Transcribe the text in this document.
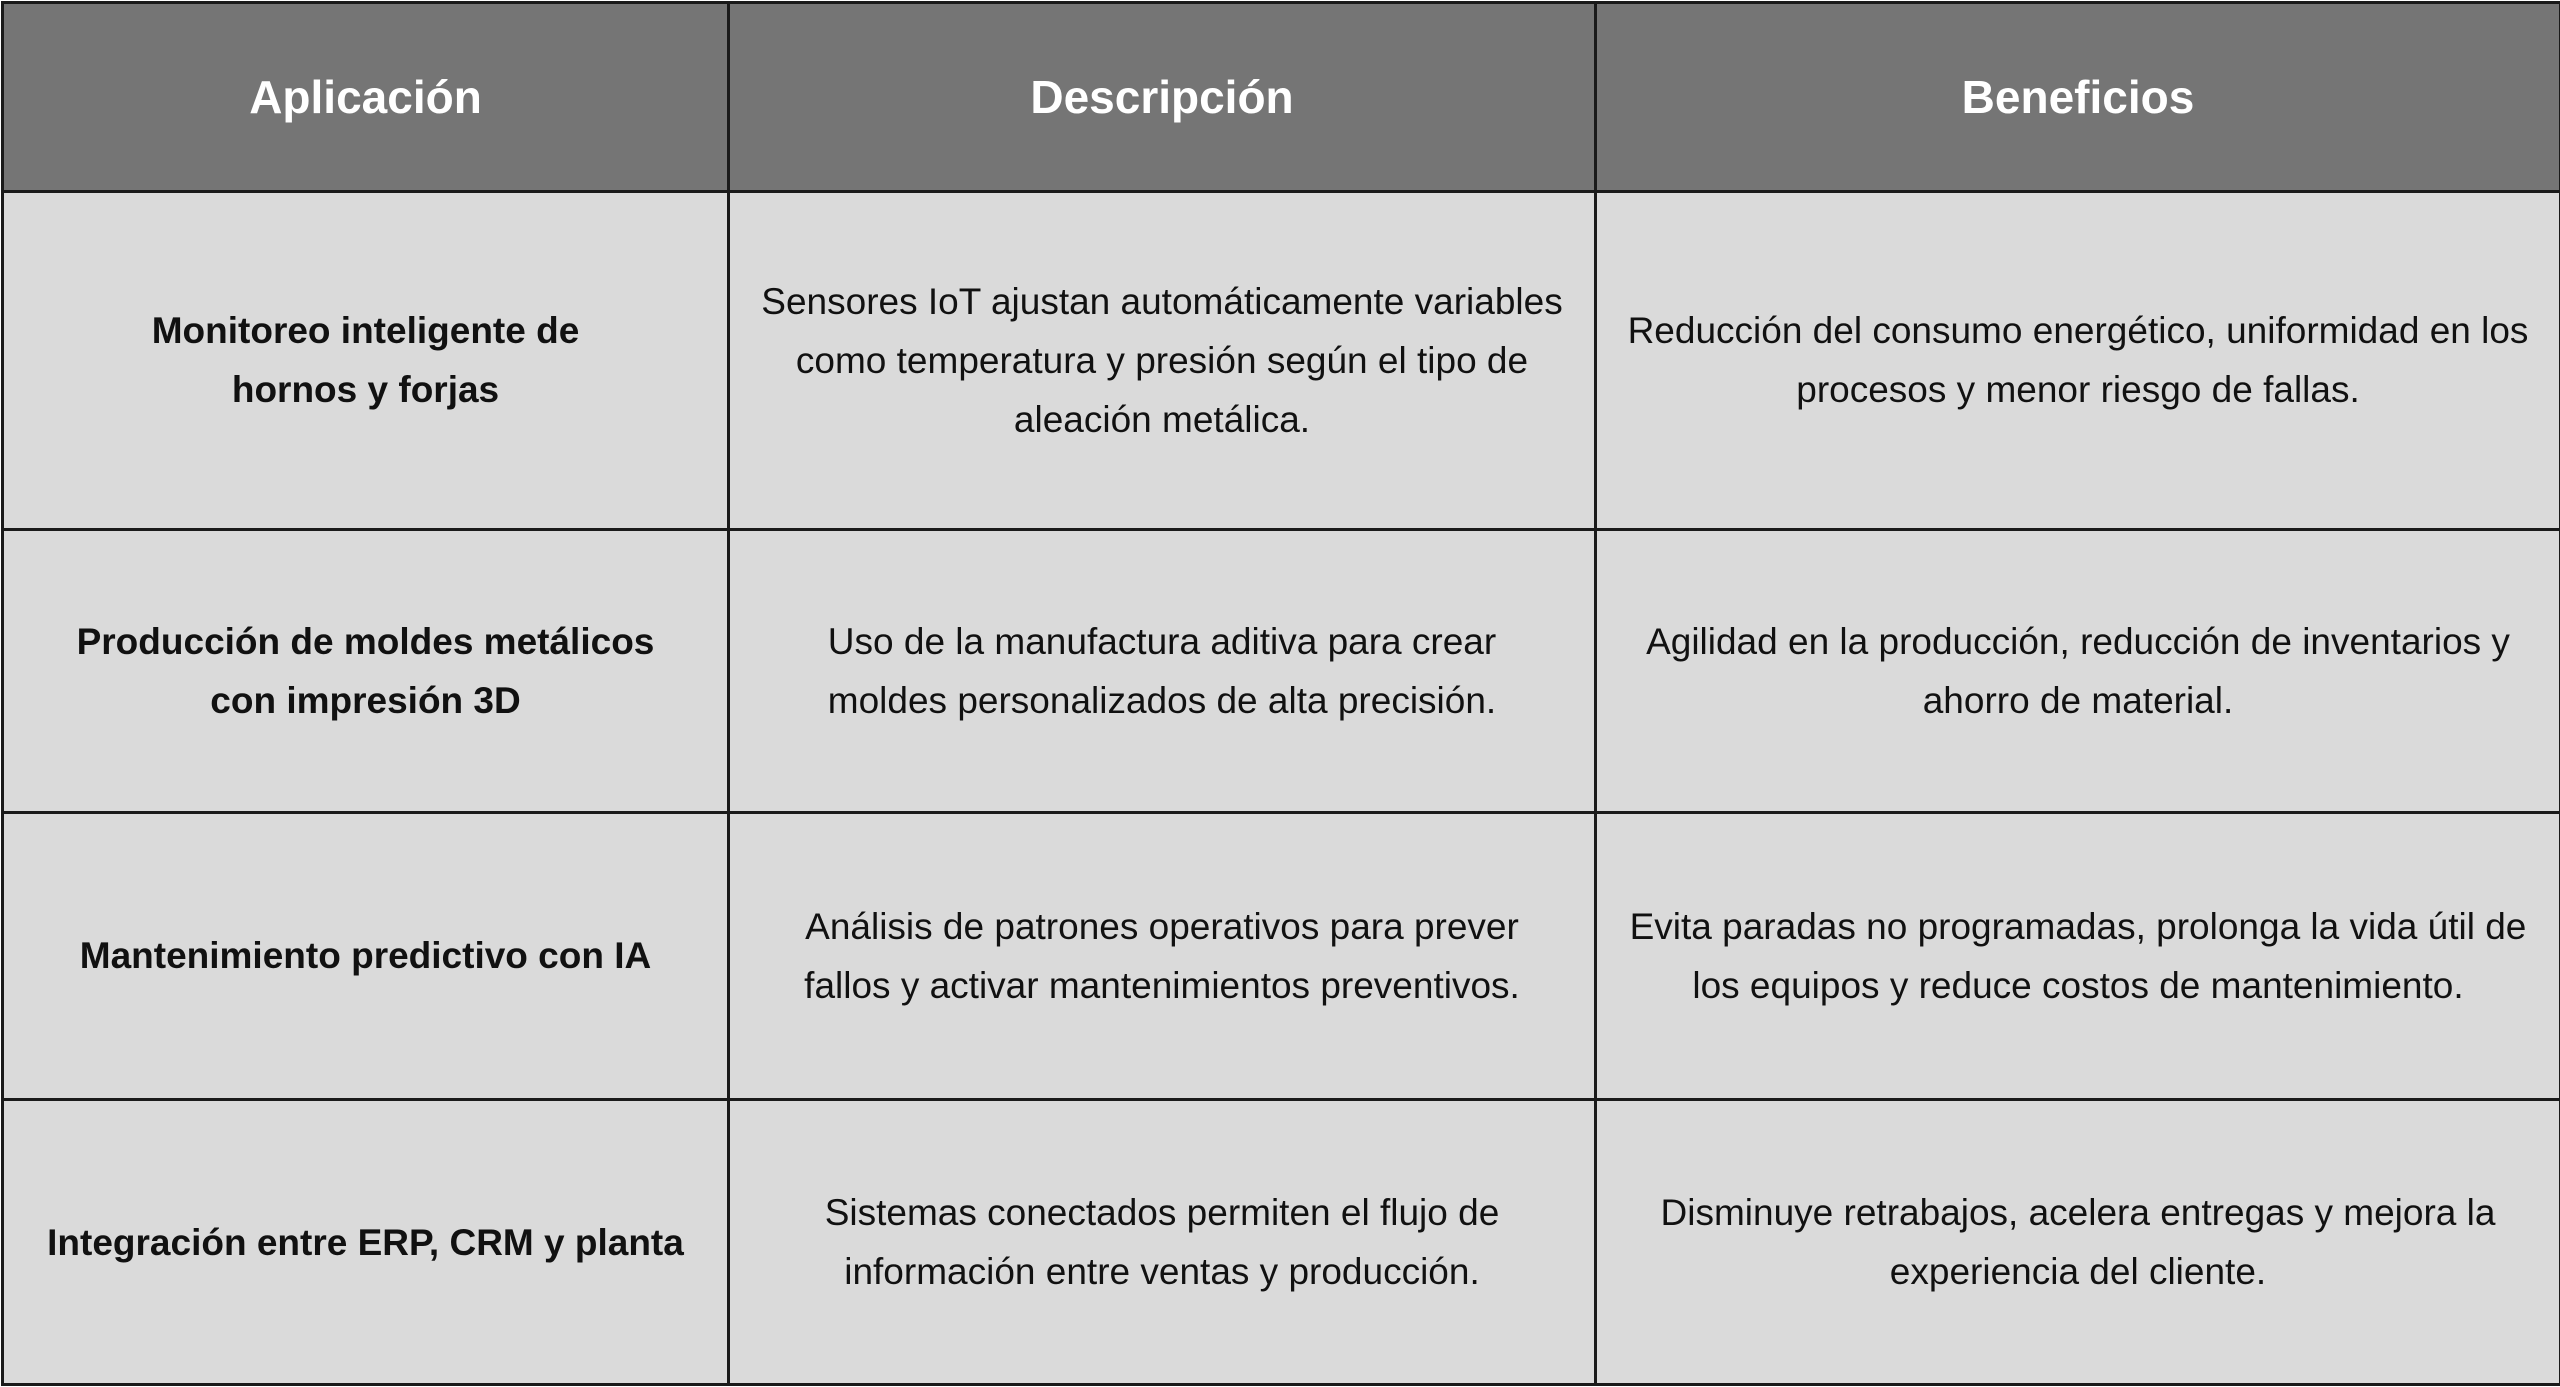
Aplicación	Descripción	Beneficios
Monitoreo inteligente de hornos y forjas	Sensores IoT ajustan automáticamente variables como temperatura y presión según el tipo de aleación metálica.	Reducción del consumo energético, uniformidad en los procesos y menor riesgo de fallas.
Producción de moldes metálicos con impresión 3D	Uso de la manufactura aditiva para crear moldes personalizados de alta precisión.	Agilidad en la producción, reducción de inventarios y ahorro de material.
Mantenimiento predictivo con IA	Análisis de patrones operativos para prever fallos y activar mantenimientos preventivos.	Evita paradas no programadas, prolonga la vida útil de los equipos y reduce costos de mantenimiento.
Integración entre ERP, CRM y planta	Sistemas conectados permiten el flujo de información entre ventas y producción.	Disminuye retrabajos, acelera entregas y mejora la experiencia del cliente.
